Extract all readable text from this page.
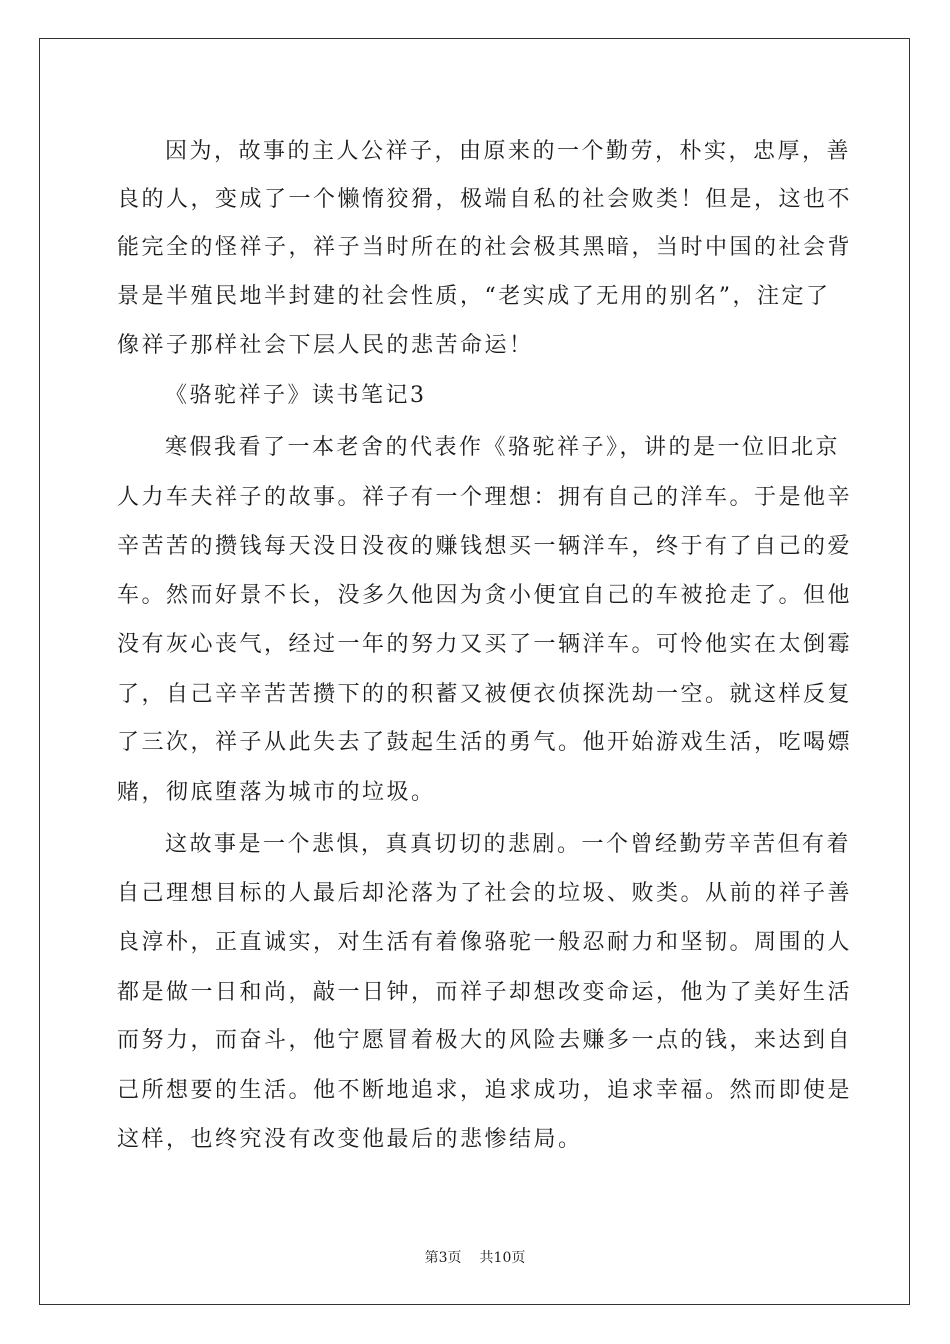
因为，故事的主人公祥子，由原来的一个勤劳，朴实，忠厚，善
良的人，变成了一个懒惰狡猾，极端自私的社会败类！但是，这也不
能完全的怪祥子，祥子当时所在的社会极其黑暗，当时中国的社会背
景是半殖民地半封建的社会性质，“老实成了无用的别名”，注定了
像祥子那样社会下层人民的悲苦命运！
《骆驼祥子》读书笔记3
寒假我看了一本老舍的代表作《骆驼祥子》，讲的是一位旧北京
人力车夫祥子的故事。祥子有一个理想：拥有自己的洋车。于是他辛
辛苦苦的攒钱每天没日没夜的赚钱想买一辆洋车，终于有了自己的爱
车。然而好景不长，没多久他因为贪小便宜自己的车被抢走了。但他
没有灰心丧气，经过一年的努力又买了一辆洋车。可怜他实在太倒霉
了，自己辛辛苦苦攒下的的积蓄又被便衣侦探洗劫一空。就这样反复
了三次，祥子从此失去了鼓起生活的勇气。他开始游戏生活，吃喝嫖
赌，彻底堕落为城市的垃圾。
这故事是一个悲惧，真真切切的悲剧。一个曾经勤劳辛苦但有着
自己理想目标的人最后却沦落为了社会的垃圾、败类。从前的祥子善
良淳朴，正直诚实，对生活有着像骆驼一般忍耐力和坚韧。周围的人
都是做一日和尚，敲一日钟，而祥子却想改变命运，他为了美好生活
而努力，而奋斗，他宁愿冒着极大的风险去赚多一点的钱，来达到自
己所想要的生活。他不断地追求，追求成功，追求幸福。然而即使是
这样，也终究没有改变他最后的悲惨结局。
第3页 共10页
